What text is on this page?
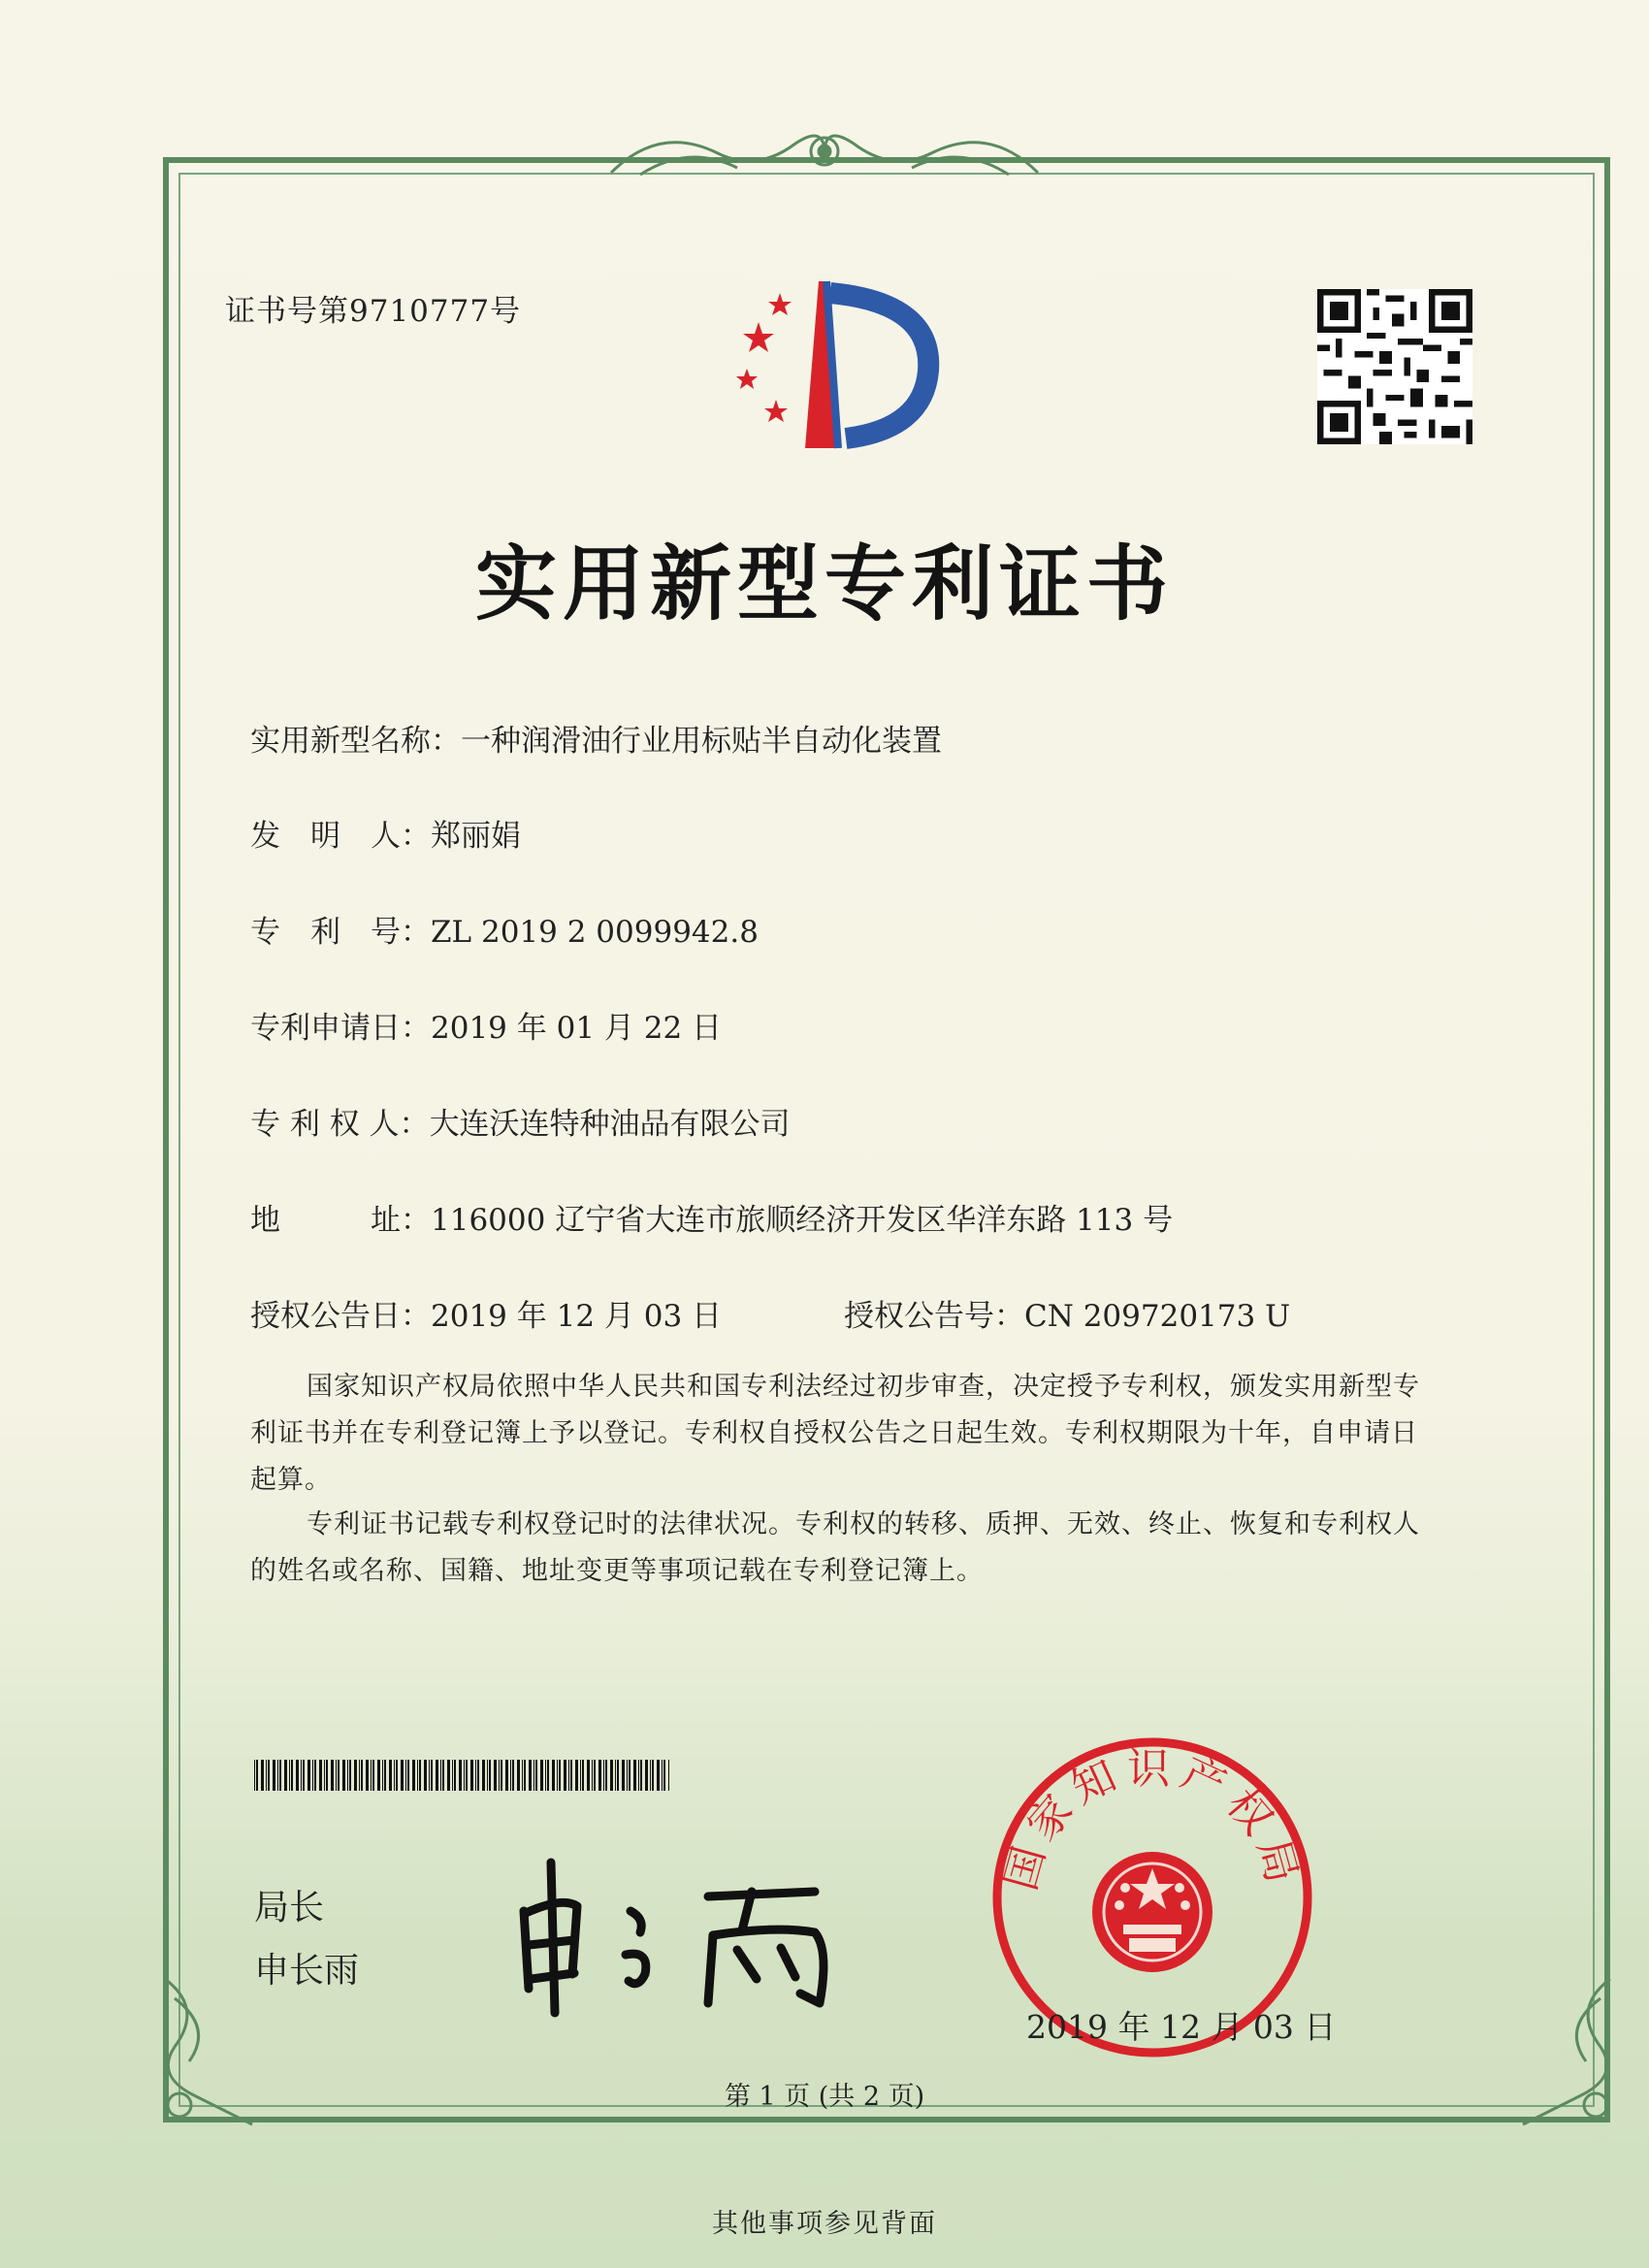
证书号第9710777号
实用新型专利证书
实用新型名称：一种润滑油行业用标贴半自动化装置
发　明　人：郑丽娟
专　利　号：ZL 2019 2 0099942.8
专利申请日：2019 年 01 月 22 日
专 利 权 人：大连沃连特种油品有限公司
地　　　址：116000 辽宁省大连市旅顺经济开发区华洋东路 113 号
授权公告日：2019 年 12 月 03 日	授权公告号：CN 209720173 U
国家知识产权局依照中华人民共和国专利法经过初步审查，决定授予专利权，颁发实用新型专利证书并在专利登记簿上予以登记。专利权自授权公告之日起生效。专利权期限为十年，自申请日起算。
专利证书记载专利权登记时的法律状况。专利权的转移、质押、无效、终止、恢复和专利权人的姓名或名称、国籍、地址变更等事项记载在专利登记簿上。
局长
申长雨
国家知识产权局
2019 年 12 月 03 日
第 1 页 (共 2 页)
其他事项参见背面
